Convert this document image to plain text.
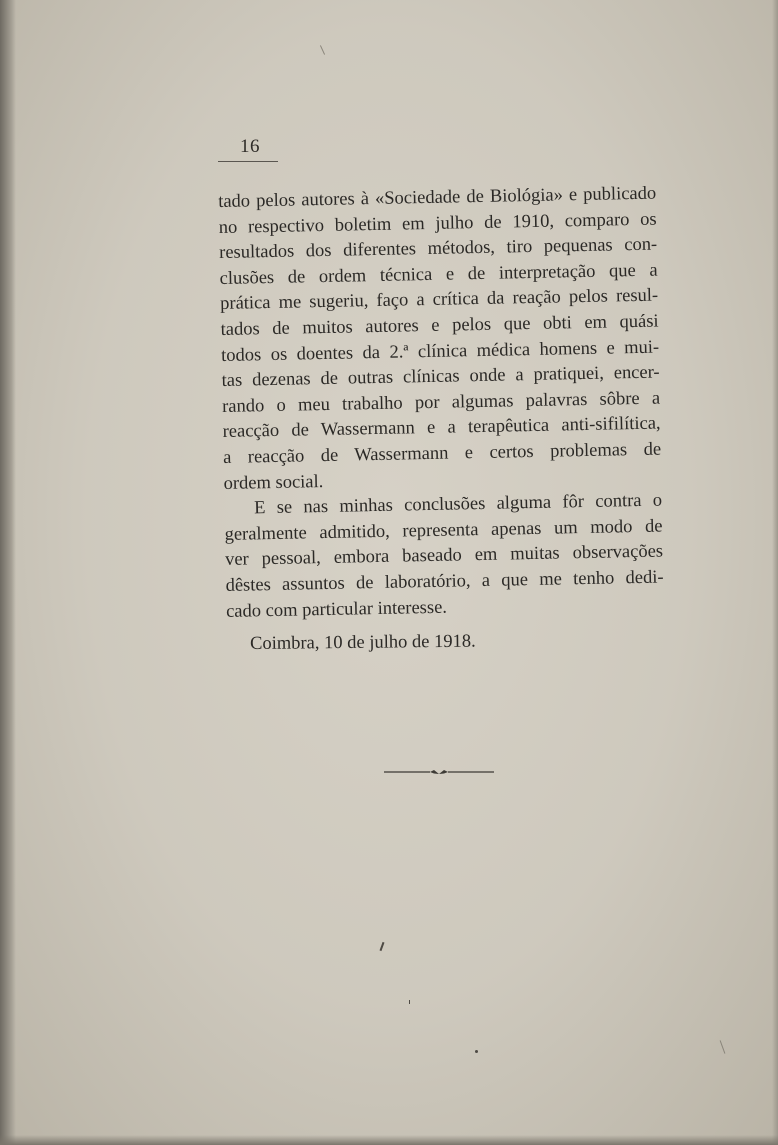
16
tado pelos autores à «Sociedade de Biológia» e publicado
no respectivo boletim em julho de 1910, comparo os
resultados dos diferentes métodos, tiro pequenas con-
clusões de ordem técnica e de interpretação que a
prática me sugeriu, faço a crítica da reação pelos resul-
tados de muitos autores e pelos que obti em quási
todos os doentes da 2.ª clínica médica homens e mui-
tas dezenas de outras clínicas onde a pratiquei, encer-
rando o meu trabalho por algumas palavras sôbre a
reacção de Wassermann e a terapêutica anti-sifilítica,
a reacção de Wassermann e certos problemas de
ordem social.
E se nas minhas conclusões alguma fôr contra o
geralmente admitido, representa apenas um modo de
ver pessoal, embora baseado em muitas observações
dêstes assuntos de laboratório, a que me tenho dedi-
cado com particular interesse.
Coimbra, 10 de julho de 1918.
